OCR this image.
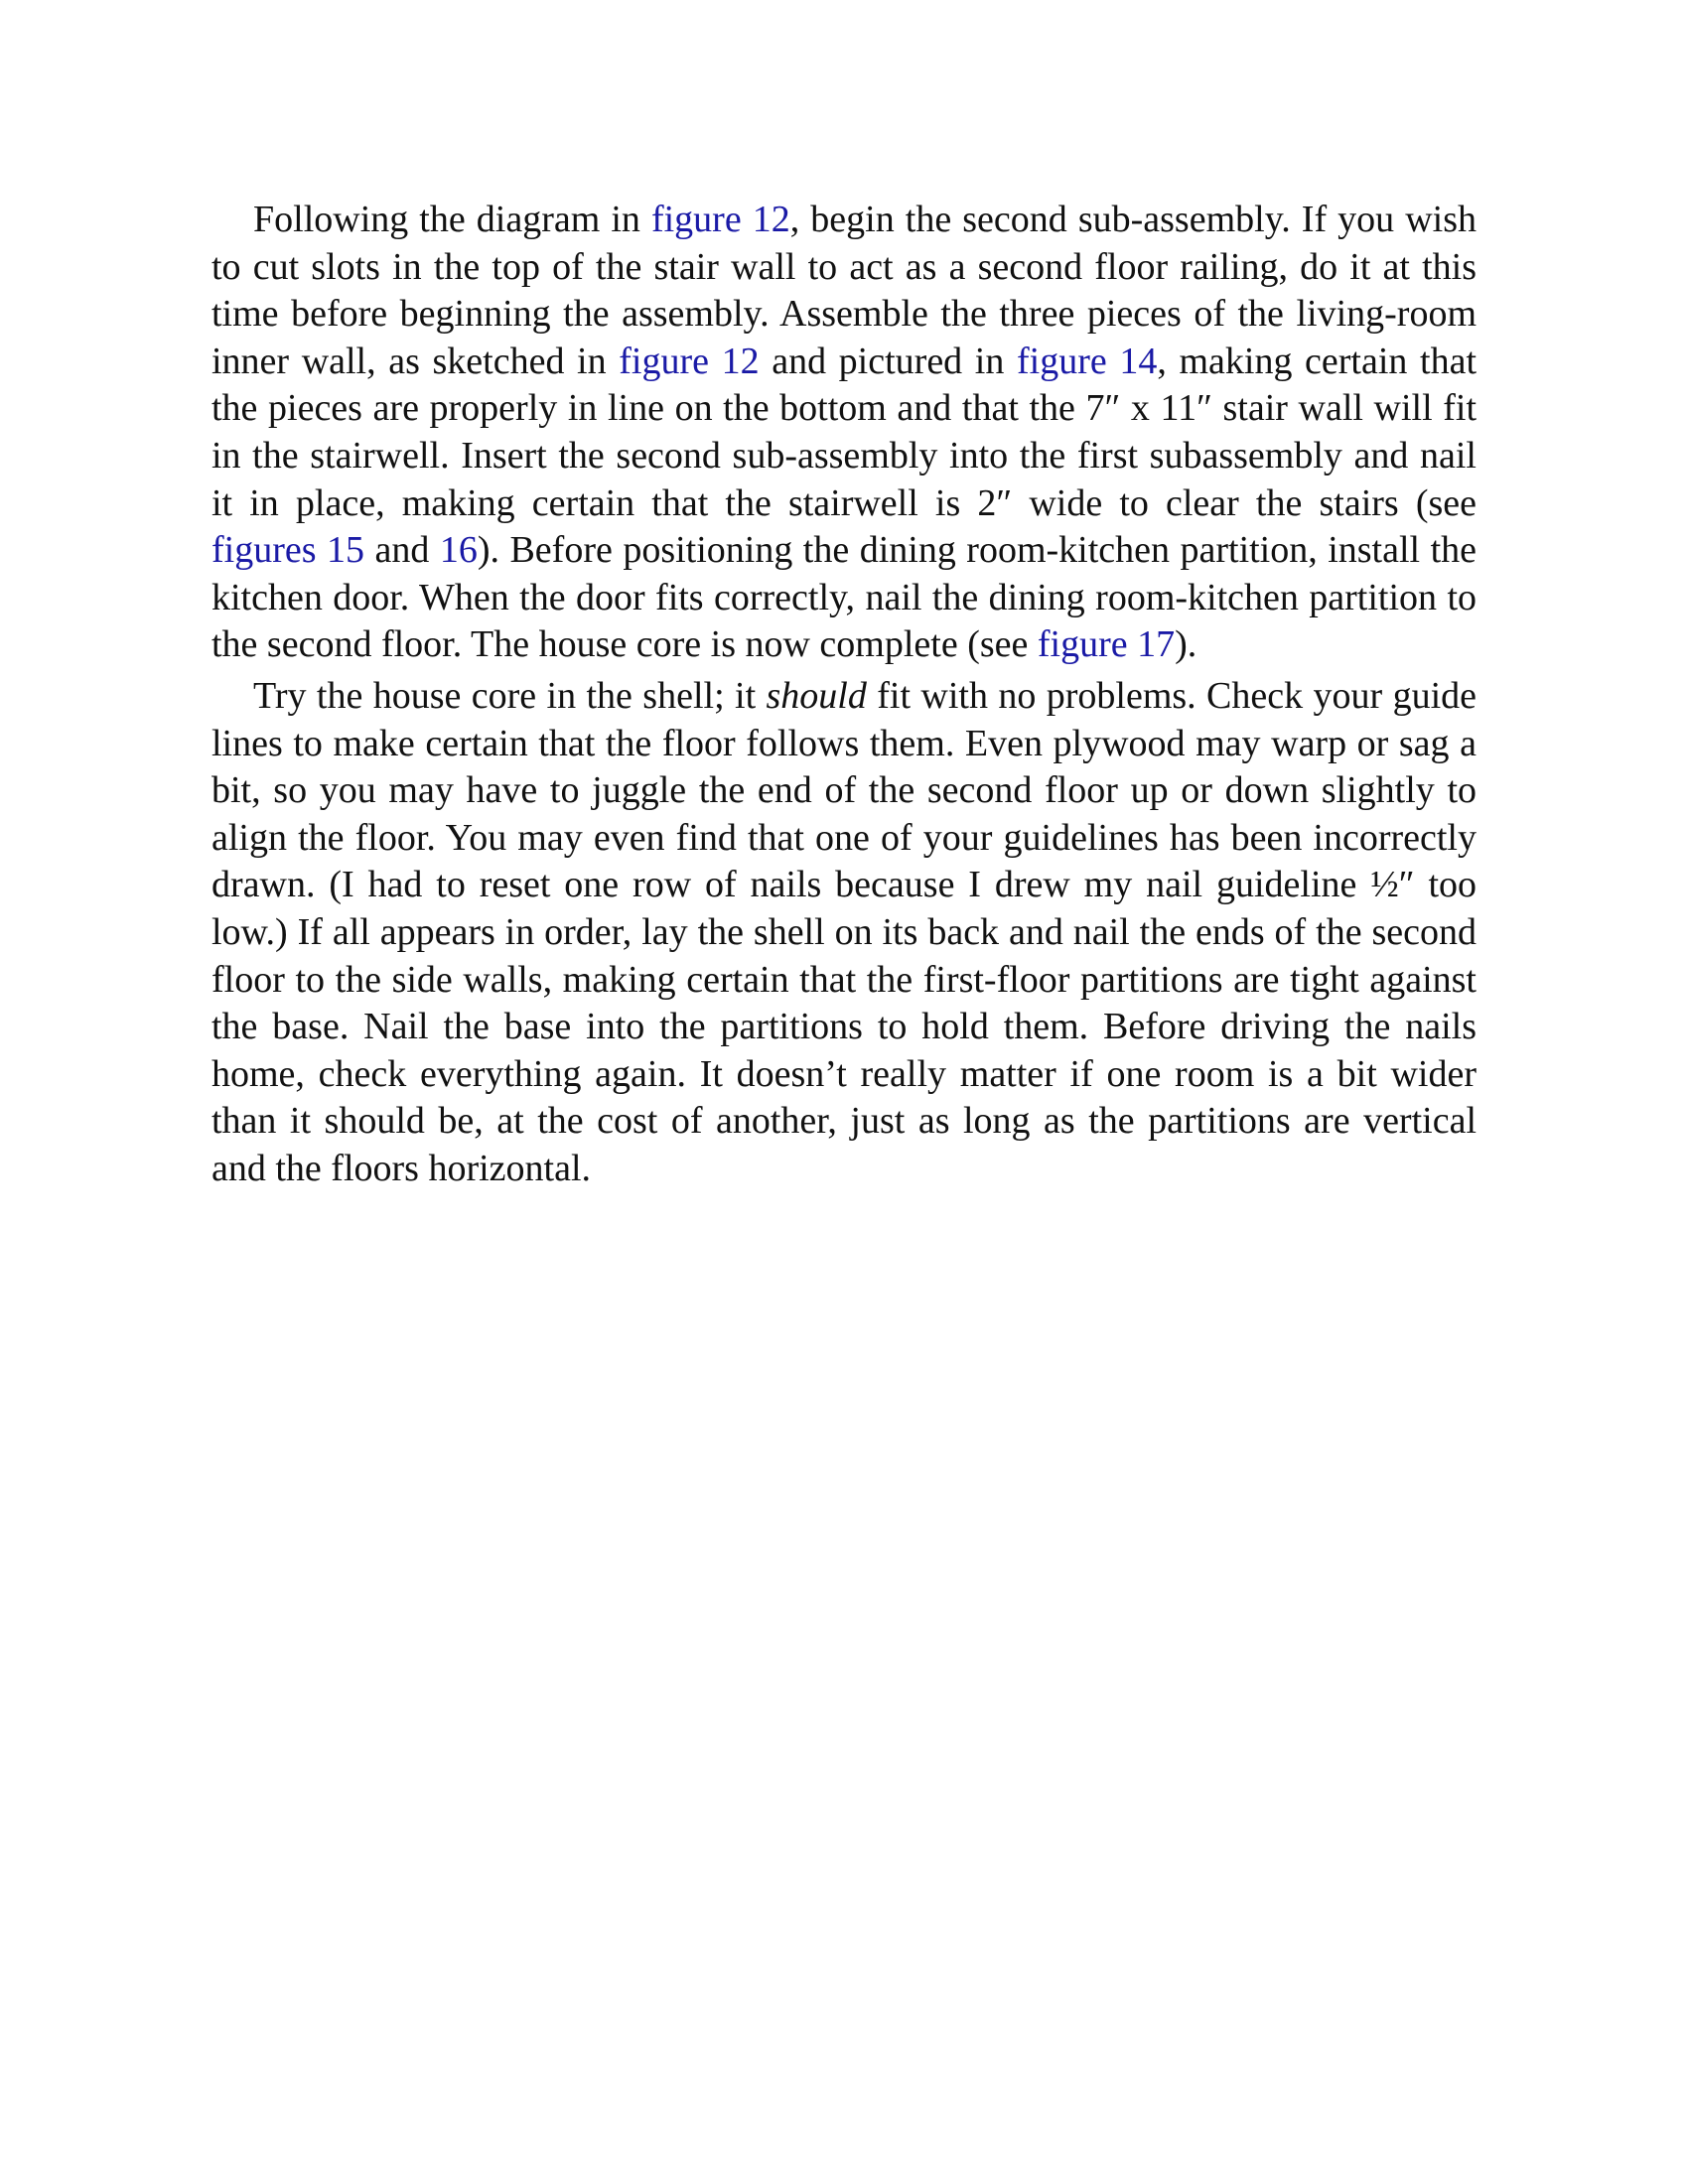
Following the diagram in figure 12, begin the second sub-assembly. If you wish to cut slots in the top of the stair wall to act as a second floor railing, do it at this time before beginning the assembly. Assemble the three pieces of the living-room inner wall, as sketched in figure 12 and pictured in figure 14, making certain that the pieces are properly in line on the bottom and that the 7″ x 11″ stair wall will fit in the stairwell. Insert the second sub-assembly into the first subassembly and nail it in place, making certain that the stairwell is 2″ wide to clear the stairs (see figures 15 and 16). Before positioning the dining room-kitchen partition, install the kitchen door. When the door fits correctly, nail the dining room-kitchen partition to the second floor. The house core is now complete (see figure 17).

Try the house core in the shell; it should fit with no problems. Check your guide lines to make certain that the floor follows them. Even plywood may warp or sag a bit, so you may have to juggle the end of the second floor up or down slightly to align the floor. You may even find that one of your guidelines has been incorrectly drawn. (I had to reset one row of nails because I drew my nail guideline ½″ too low.) If all appears in order, lay the shell on its back and nail the ends of the second floor to the side walls, making certain that the first-floor partitions are tight against the base. Nail the base into the partitions to hold them. Before driving the nails home, check everything again. It doesn’t really matter if one room is a bit wider than it should be, at the cost of another, just as long as the partitions are vertical and the floors horizontal.
